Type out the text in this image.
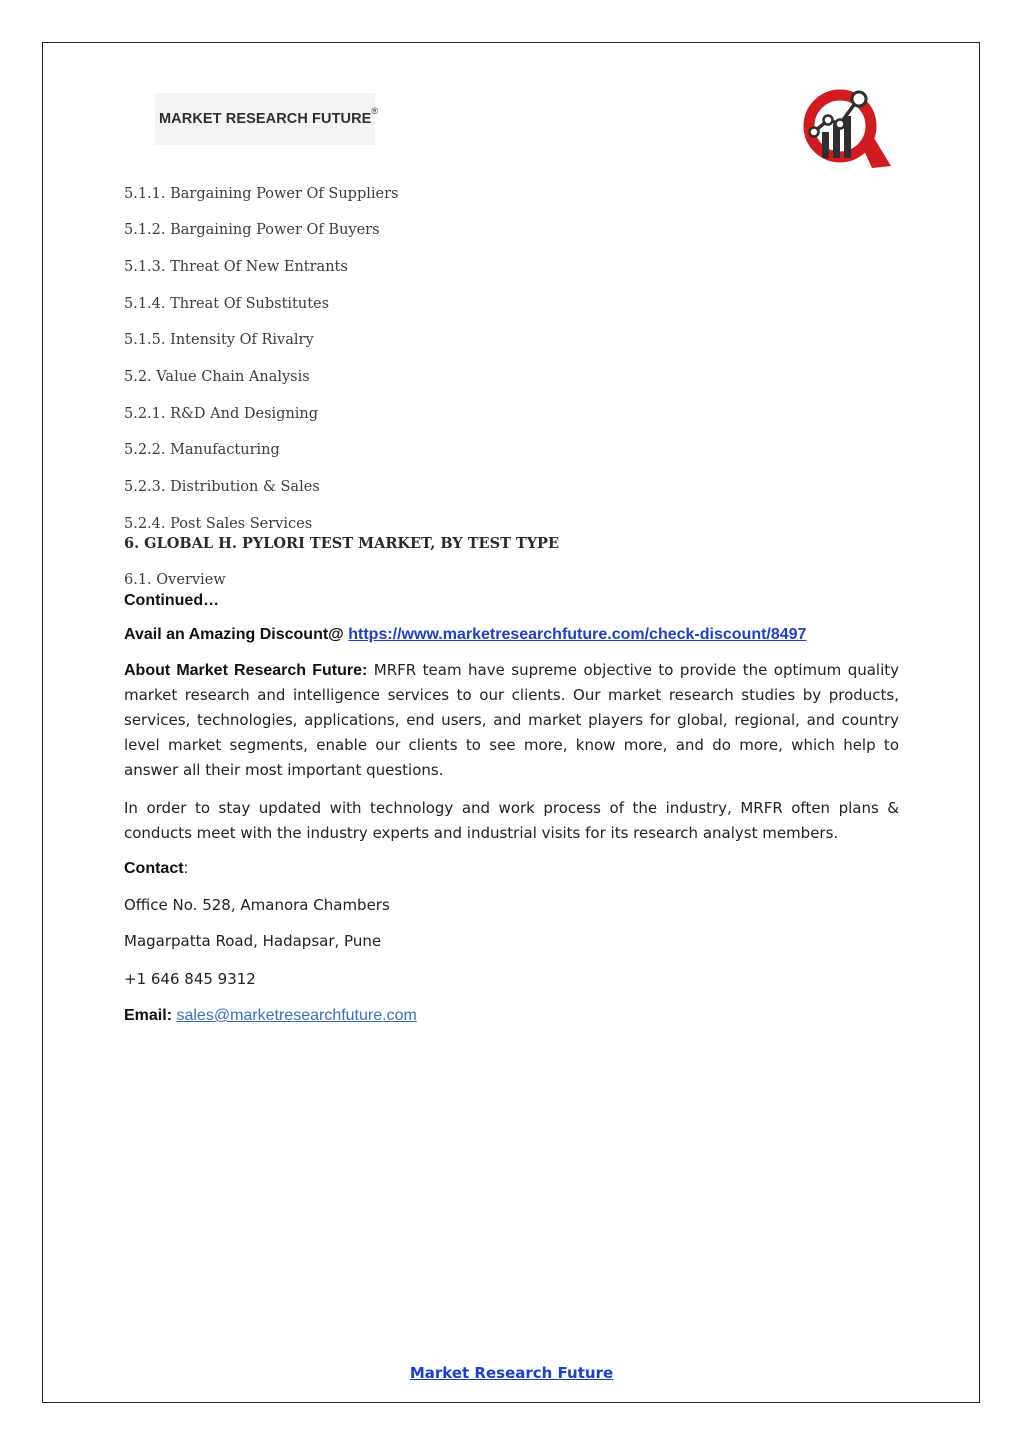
MARKET RESEARCH FUTURE ®
5.1.1. Bargaining Power Of Suppliers
5.1.2. Bargaining Power Of Buyers
5.1.3. Threat Of New Entrants
5.1.4. Threat Of Substitutes
5.1.5. Intensity Of Rivalry
5.2. Value Chain Analysis
5.2.1. R&D And Designing
5.2.2. Manufacturing
5.2.3. Distribution & Sales
5.2.4. Post Sales Services
6. GLOBAL H. PYLORI TEST MARKET, BY TEST TYPE
6.1. Overview
Continued…
Avail an Amazing Discount@ https://www.marketresearchfuture.com/check-discount/8497

About Market Research Future: MRFR team have supreme objective to provide the optimum quality market research and intelligence services to our clients. Our market research studies by products, services, technologies, applications, end users, and market players for global, regional, and country level market segments, enable our clients to see more, know more, and do more, which help to answer all their most important questions.

In order to stay updated with technology and work process of the industry, MRFR often plans & conducts meet with the industry experts and industrial visits for its research analyst members.

Contact:
Office No. 528, Amanora Chambers
Magarpatta Road, Hadapsar, Pune
+1 646 845 9312
Email: sales@marketresearchfuture.com
Market Research Future
